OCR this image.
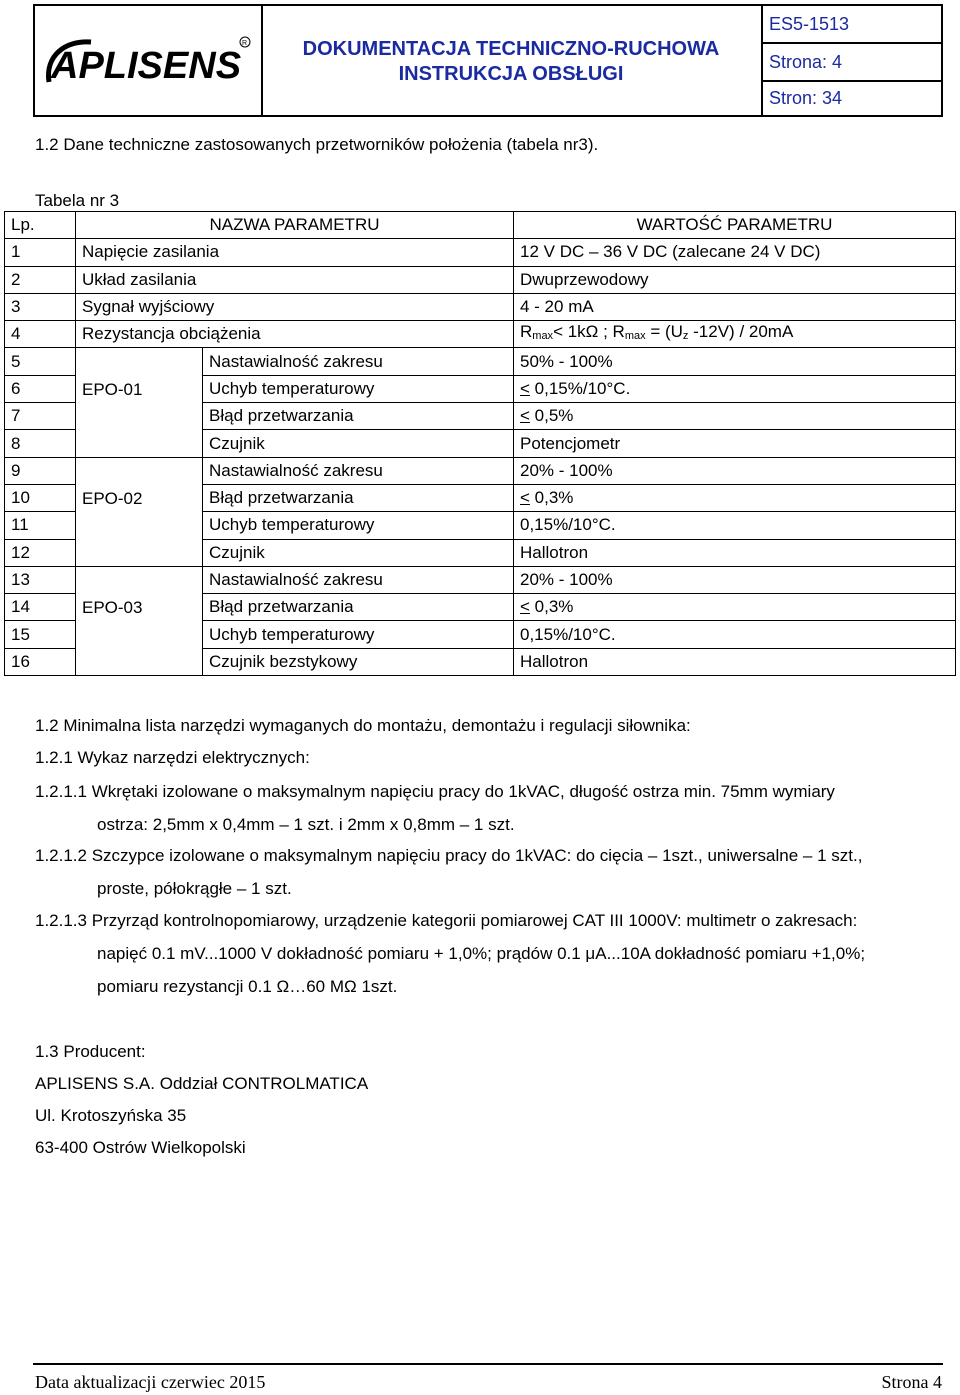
APLISENS
R	DOKUMENTACJA TECHNICZNO-RUCHOWA
INSTRUKCJA OBSŁUGI
ES5-1513
Strona: 4
Stron: 34
1.2 Dane techniczne zastosowanych przetworników położenia (tabela nr3).
Tabela nr 3
Lp.	NAZWA PARAMETRU		WARTOŚĆ PARAMETRU
1	Napięcie zasilania		12 V DC – 36 V DC (zalecane 24 V DC)
2	Układ zasilania		Dwuprzewodowy
3	Sygnał wyjściowy		4 - 20 mA
4	Rezystancja obciążenia		$R_{max}< 1k\Omega$ ; $R_{max} = (U_z$ -12V) / 20mA
5	EPO-01	Nastawialność zakresu	50% - 100%
6		Uchyb temperaturowy	< 0,15%/10°C.
7		Błąd przetwarzania	< 0,5%
8		Czujnik	Potencjometr
9	EPO-02	Nastawialność zakresu	20% - 100%
10		Błąd przetwarzania	< 0,3%
11		Uchyb temperaturowy	0,15%/10°C.
12		Czujnik	Hallotron
13	EPO-03	Nastawialność zakresu	20% - 100%
14		Błąd przetwarzania	< 0,3%
15		Uchyb temperaturowy	0,15%/10°C.
16		Czujnik bezstykowy	Hallotron
1.2 Minimalna lista narzędzi wymaganych do montażu, demontażu i regulacji siłownika:
1.2.1 Wykaz narzędzi elektrycznych:
1.2.1.1 Wkrętaki izolowane o maksymalnym napięciu pracy do 1kVAC, długość ostrza min. 75mm wymiary
ostrza: 2,5mm x 0,4mm – 1 szt. i 2mm x 0,8mm – 1 szt.
1.2.1.2 Szczypce izolowane o maksymalnym napięciu pracy do 1kVAC: do cięcia – 1szt., uniwersalne – 1 szt.,
proste, półokrągłe – 1 szt.
1.2.1.3 Przyrząd kontrolnopomiarowy, urządzenie kategorii pomiarowej CAT III 1000V: multimetr o zakresach:
napięć 0.1 mV...1000 V dokładność pomiaru + 1,0%; prądów 0.1 μA...10A dokładność pomiaru +1,0%;
pomiaru rezystancji 0.1 Ω…60 MΩ 1szt.
1.3 Producent:
APLISENS S.A. Oddział CONTROLMATICA
Ul. Krotoszyńska 35
63-400 Ostrów Wielkopolski
Data aktualizacji czerwiec 2015	Strona 4
